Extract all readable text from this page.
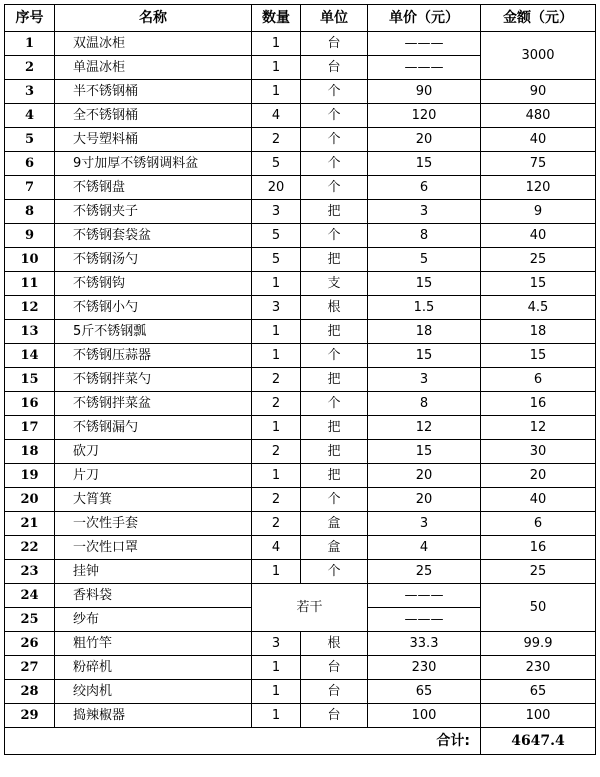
序号	名称	数量	单位	单价（元）	金额（元）
1	双温冰柜	1	台	———	3000
2	单温冰柜	1	台	———	
3	半不锈钢桶	1	个	90	90
4	全不锈钢桶	4	个	120	480
5	大号塑料桶	2	个	20	40
6	9寸加厚不锈钢调料盆	5	个	15	75
7	不锈钢盘	20	个	6	120
8	不锈钢夹子	3	把	3	9
9	不锈钢套袋盆	5	个	8	40
10	不锈钢汤勺	5	把	5	25
11	不锈钢钩	1	支	15	15
12	不锈钢小勺	3	根	1.5	4.5
13	5斤不锈钢瓢	1	把	18	18
14	不锈钢压蒜器	1	个	15	15
15	不锈钢拌菜勺	2	把	3	6
16	不锈钢拌菜盆	2	个	8	16
17	不锈钢漏勺	1	把	12	12
18	砍刀	2	把	15	30
19	片刀	1	把	20	20
20	大筲箕	2	个	20	40
21	一次性手套	2	盒	3	6
22	一次性口罩	4	盒	4	16
23	挂钟	1	个	25	25
24	香料袋	若干		———	50
25	纱布			———	
26	粗竹竿	3	根	33.3	99.9
27	粉碎机	1	台	230	230
28	绞肉机	1	台	65	65
29	捣辣椒器	1	台	100	100
合计:					4647.4
